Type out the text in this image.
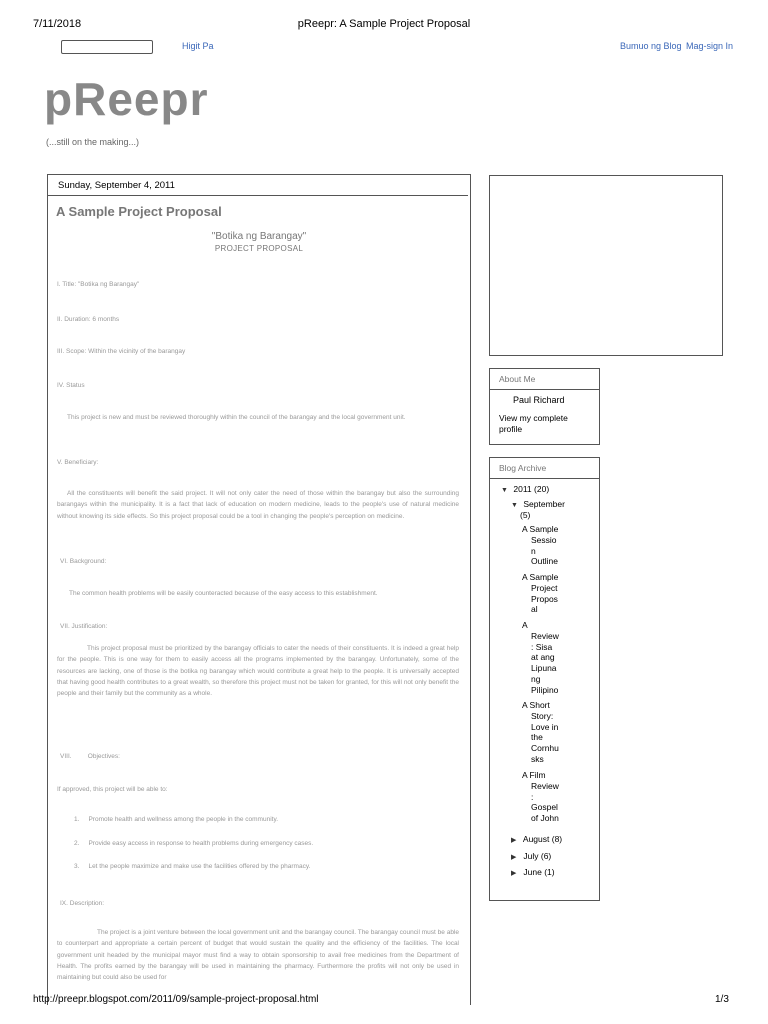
7/11/2018	pReepr: A Sample Project Proposal
Higit Pa	Bumuo ng Blog Mag-sign In
pReepr
(...still on the making...)
Sunday, September 4, 2011
A Sample Project Proposal
"Botika ng Barangay"
PROJECT PROPOSAL
I. Title: "Botika ng Barangay"
II. Duration: 6 months
III. Scope: Within the vicinity of the barangay
IV. Status
This project is new and must be reviewed thoroughly within the council of the barangay and the local government unit.
V. Beneficiary:
All the constituents will benefit the said project. It will not only cater the need of those within the barangay but also the surrounding barangays within the municipality. It is a fact that lack of education on modern medicine, leads to the people's use of natural medicine without knowing its side effects. So this project proposal could be a tool in changing the people's perception on medicine.
VI. Background:
The common health problems will be easily counteracted because of the easy access to this establishment.
VII. Justification:
This project proposal must be prioritized by the barangay officials to cater the needs of their constituents. It is indeed a great help for the people. This is one way for them to easily access all the programs implemented by the barangay. Unfortunately, some of the resources are lacking, one of those is the botika ng barangay which would contribute a great help to the people. It is universally accepted that having good health contributes to a great wealth, so therefore this project must not be taken for granted, for this will not only benefit the people and their family but the community as a whole.
VIII.         Objectives:
If approved, this project will be able to:
1.     Promote health and wellness among the people in the community.
2.     Provide easy access in response to health problems during emergency cases.
3.     Let the people maximize and make use the facilities offered by the pharmacy.
IX. Description:
The project is a joint venture between the local government unit and the barangay council. The barangay council must be able to counterpart and appropriate a certain percent of budget that would sustain the quality and the efficiency of the facilities. The local government unit headed by the municipal mayor must find a way to obtain sponsorship to avail free medicines from the Department of Health. The profits earned by the barangay will be used in maintaining the pharmacy. Furthermore the profits will not only be used in maintaining but could also be used for
About Me
Paul Richard
View my complete profile
Blog Archive
▼ 2011 (20)
▼ September
(5)
A Sample
Sessio
n
Outline
A Sample
Project
Propos
al
A
Review
: Sisa
at ang
Lipuna
ng
Pilipino
A Short
Story:
Love in
the
Cornhu
sks
A Film
Review
:
Gospel
of John
▶ August (8)
▶ July (6)
▶ June (1)
http://preepr.blogspot.com/2011/09/sample-project-proposal.html	1/3
